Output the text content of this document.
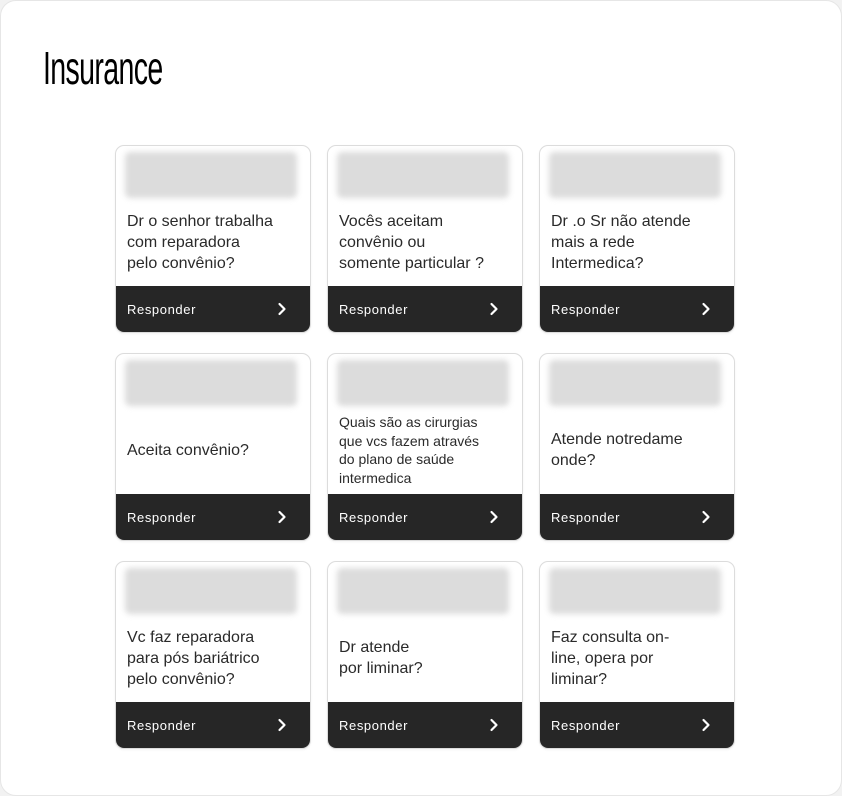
Insurance

Dr o senhor trabalha
com reparadora
pelo convênio?

Responder

Vocês aceitam
convênio ou
somente particular ?

Responder

Dr .o Sr não atende
mais a rede
Intermedica?

Responder

Aceita convênio?

Responder

Quais são as cirurgias
que vcs fazem através
do plano de saúde
intermedica

Responder

Atende notredame
onde?

Responder

Vc faz reparadora
para pós bariátrico
pelo convênio?

Responder

Dr atende
por liminar?

Responder

Faz consulta on-
line, opera por
liminar?

Responder
